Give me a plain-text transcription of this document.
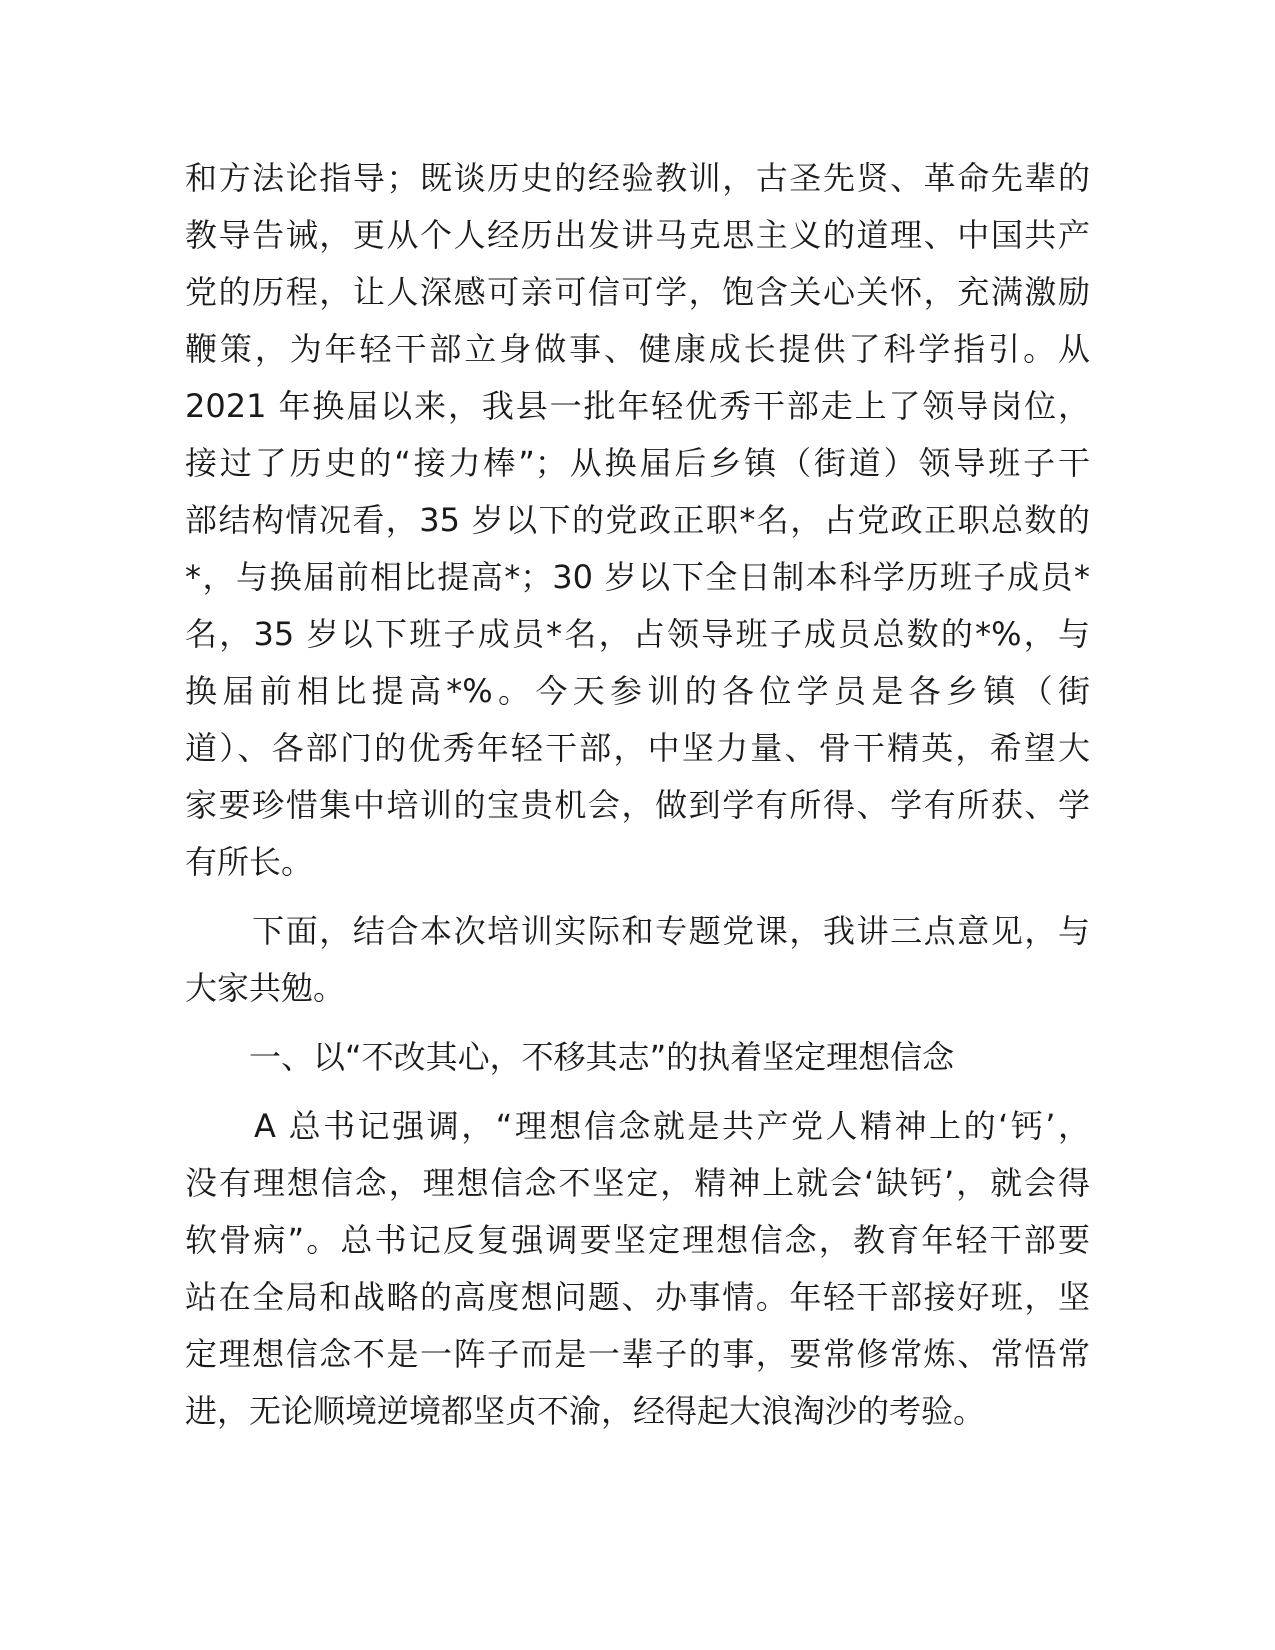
和方法论指导；既谈历史的经验教训，古圣先贤、革命先辈的
教导告诫，更从个人经历出发讲马克思主义的道理、中国共产
党的历程，让人深感可亲可信可学，饱含关心关怀，充满激励
鞭策，为年轻干部立身做事、健康成长提供了科学指引。从
2021 年换届以来，我县一批年轻优秀干部走上了领导岗位，
接过了历史的“接力棒”；从换届后乡镇（街道）领导班子干
部结构情况看，35 岁以下的党政正职*名，占党政正职总数的
*，与换届前相比提高*；30 岁以下全日制本科学历班子成员*
名，35 岁以下班子成员*名，占领导班子成员总数的*%，与
换届前相比提高*%。今天参训的各位学员是各乡镇（街
道）、各部门的优秀年轻干部，中坚力量、骨干精英，希望大
家要珍惜集中培训的宝贵机会，做到学有所得、学有所获、学
有所长。
　　下面，结合本次培训实际和专题党课，我讲三点意见，与
大家共勉。
　　一、以“不改其心，不移其志”的执着坚定理想信念
　　A 总书记强调，“理想信念就是共产党人精神上的‘钙’，
没有理想信念，理想信念不坚定，精神上就会‘缺钙’，就会得
软骨病”。总书记反复强调要坚定理想信念，教育年轻干部要
站在全局和战略的高度想问题、办事情。年轻干部接好班，坚
定理想信念不是一阵子而是一辈子的事，要常修常炼、常悟常
进，无论顺境逆境都坚贞不渝，经得起大浪淘沙的考验。
